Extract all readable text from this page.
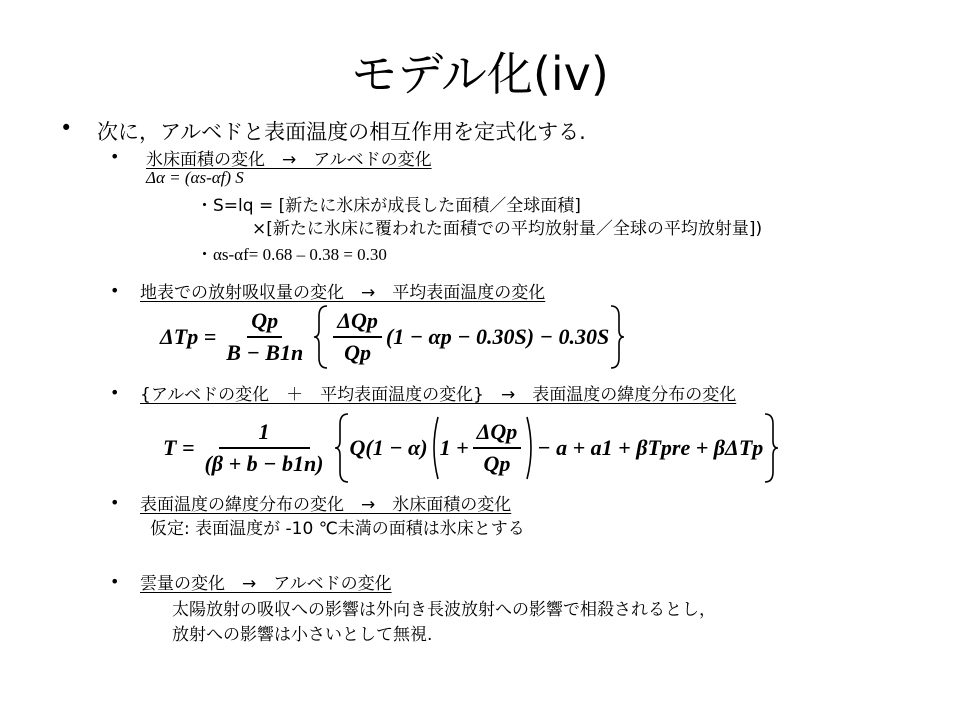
モデル化(iv)
• 次に，アルベドと表面温度の相互作用を定式化する.
• 氷床面積の変化　→　アルベドの変化
Δα = (αs-αf) S
・S=lq = [新たに氷床が成長した面積／全球面積]
×[新たに氷床に覆われた面積での平均放射量／全球の平均放射量])
・αs-αf= 0.68 – 0.38 = 0.30
• 地表での放射吸収量の変化　→　平均表面温度の変化
$\Delta Tp = \frac{Qp}{B - B1n} \frac{\text{ΔQp}}{Qp} (1 - \alpha p - 0.30S) - 0.30S$
• {アルベドの変化　＋　平均表面温度の変化}　→　表面温度の緯度分布の変化
$T = \frac{1}{(\beta + b - b1n)} Q(1 - \alpha) 1 + \frac{\text{ΔQp}}{Qp} - a + a1$ + βTpre + βΔTp
• 表面温度の緯度分布の変化　→　氷床面積の変化
仮定: 表面温度が -10 ℃未満の面積は氷床とする
• 雲量の変化　→　アルベドの変化
太陽放射の吸収への影響は外向き長波放射への影響で相殺されるとし，
放射への影響は小さいとして無視.
